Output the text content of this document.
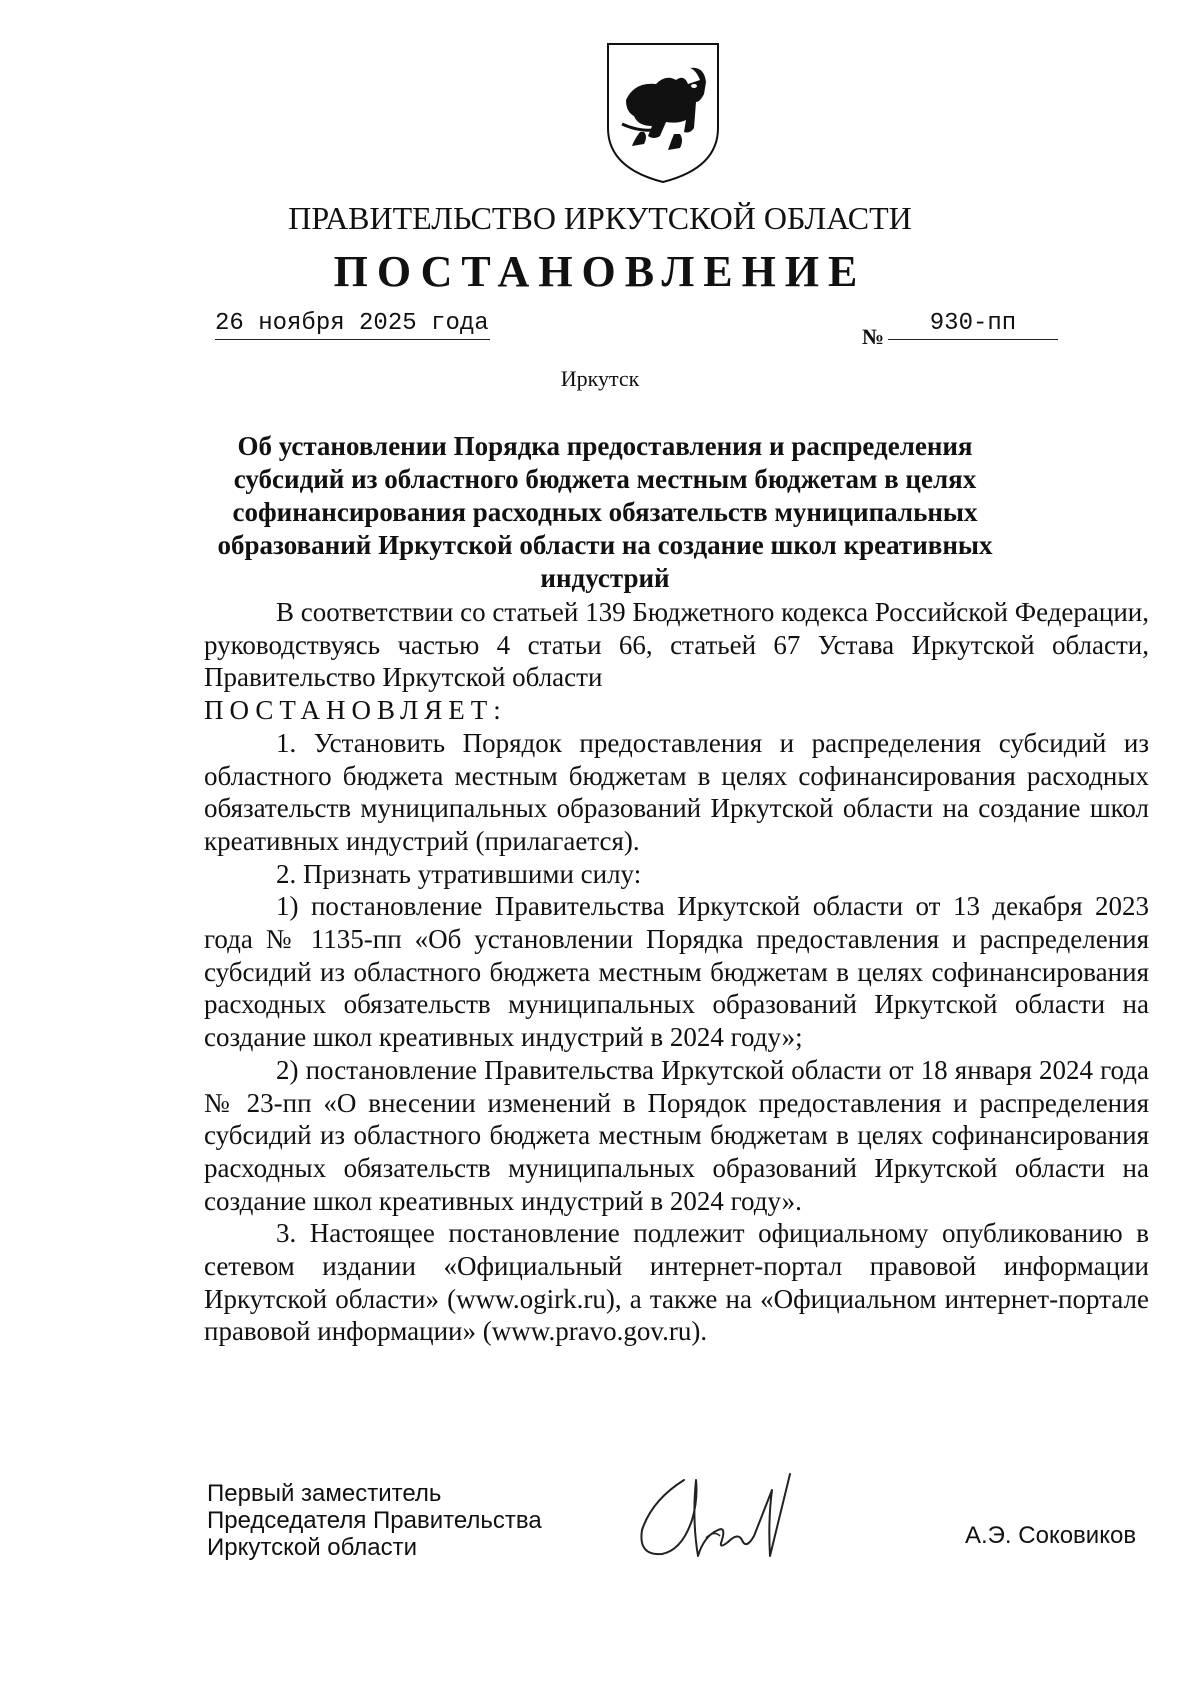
ПРАВИТЕЛЬСТВО ИРКУТСКОЙ ОБЛАСТИ
ПОСТАНОВЛЕНИЕ
26 ноября 2025 года	№	930-пп
Иркутск
Об установлении Порядка предоставления и распределения субсидий из областного бюджета местным бюджетам в целях софинансирования расходных обязательств муниципальных образований Иркутской области на создание школ креативных индустрий

В соответствии со статьей 139 Бюджетного кодекса Российской Федерации, руководствуясь частью 4 статьи 66, статьей 67 Устава Иркутской области, Правительство Иркутской области

ПОСТАНОВЛЯЕТ:

1. Установить Порядок предоставления и распределения субсидий из областного бюджета местным бюджетам в целях софинансирования расходных обязательств муниципальных образований Иркутской области на создание школ креативных индустрий (прилагается).

2. Признать утратившими силу:

1) постановление Правительства Иркутской области от 13 декабря 2023 года № 1135-пп «Об установлении Порядка предоставления и распределения субсидий из областного бюджета местным бюджетам в целях софинансирования расходных обязательств муниципальных образований Иркутской области на создание школ креативных индустрий в 2024 году»;

2) постановление Правительства Иркутской области от 18 января 2024 года № 23-пп «О внесении изменений в Порядок предоставления и распределения субсидий из областного бюджета местным бюджетам в целях софинансирования расходных обязательств муниципальных образований Иркутской области на создание школ креативных индустрий в 2024 году».

3. Настоящее постановление подлежит официальному опубликованию в сетевом издании «Официальный интернет-портал правовой информации Иркутской области» (www.ogirk.ru), а также на «Официальном интернет-портале правовой информации» (www.pravo.gov.ru).

Первый заместитель
Председателя Правительства
Иркутской области	А.Э. Соковиков
